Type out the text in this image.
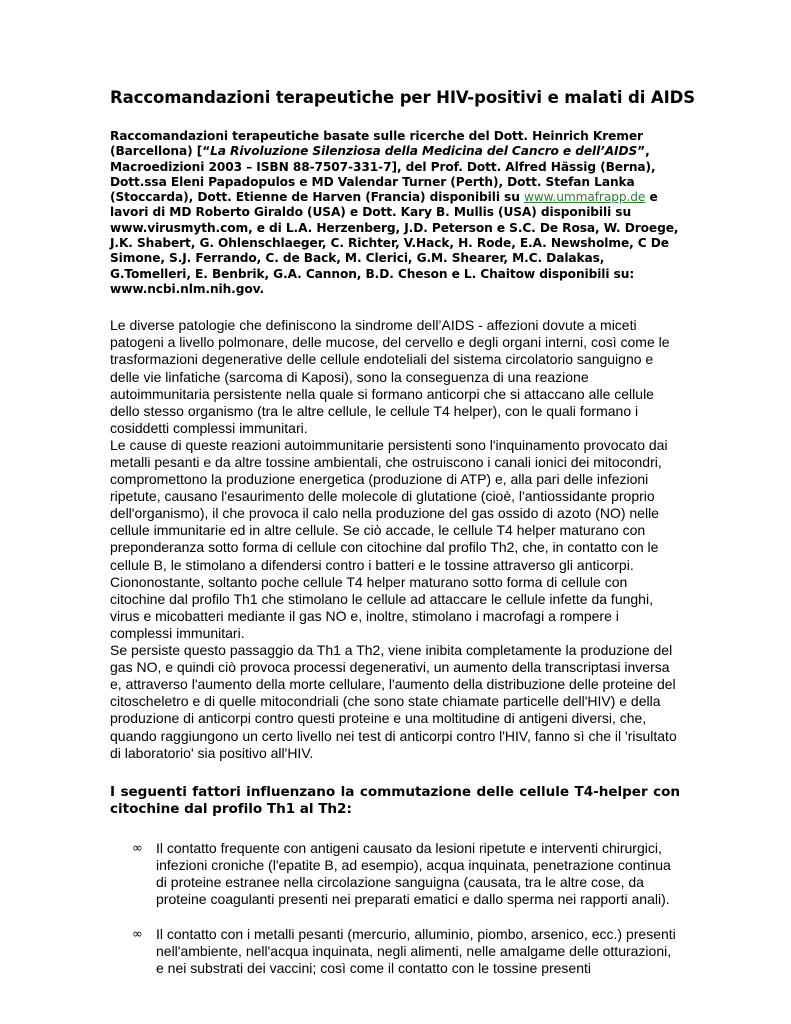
Raccomandazioni terapeutiche per HIV-positivi e malati di AIDS

Raccomandazioni terapeutiche basate sulle ricerche del Dott. Heinrich Kremer (Barcellona) [“La Rivoluzione Silenziosa della Medicina del Cancro e dell’AIDS”, Macroedizioni 2003 – ISBN 88-7507-331-7], del Prof. Dott. Alfred Hässig (Berna), Dott.ssa Eleni Papadopulos e MD Valendar Turner (Perth), Dott. Stefan Lanka (Stoccarda), Dott. Etienne de Harven (Francia) disponibili su www.ummafrapp.de e lavori di MD Roberto Giraldo (USA) e Dott. Kary B. Mullis (USA) disponibili su www.virusmyth.com, e di L.A. Herzenberg, J.D. Peterson e S.C. De Rosa, W. Droege, J.K. Shabert, G. Ohlenschlaeger, C. Richter, V.Hack, H. Rode, E.A. Newsholme, C De Simone, S.J. Ferrando, C. de Back, M. Clerici, G.M. Shearer, M.C. Dalakas, G.Tomelleri, E. Benbrik, G.A. Cannon, B.D. Cheson e L. Chaitow disponibili su: www.ncbi.nlm.nih.gov.

Le diverse patologie che definiscono la sindrome dell’AIDS - affezioni dovute a miceti patogeni a livello polmonare, delle mucose, del cervello e degli organi interni, così come le trasformazioni degenerative delle cellule endoteliali del sistema circolatorio sanguigno e delle vie linfatiche (sarcoma di Kaposi), sono la conseguenza di una reazione autoimmunitaria persistente nella quale si formano anticorpi che si attaccano alle cellule dello stesso organismo (tra le altre cellule, le cellule T4 helper), con le quali formano i cosiddetti complessi immunitari.

Le cause di queste reazioni autoimmunitarie persistenti sono l'inquinamento provocato dai metalli pesanti e da altre tossine ambientali, che ostruiscono i canali ionici dei mitocondri, compromettono la produzione energetica (produzione di ATP) e, alla pari delle infezioni ripetute, causano l'esaurimento delle molecole di glutatione (cioè, l'antiossidante proprio dell'organismo), il che provoca il calo nella produzione del gas ossido di azoto (NO) nelle cellule immunitarie ed in altre cellule. Se ciò accade, le cellule T4 helper maturano con preponderanza sotto forma di cellule con citochine dal profilo Th2, che, in contatto con le cellule B, le stimolano a difendersi contro i batteri e le tossine attraverso gli anticorpi. Ciononostante, soltanto poche cellule T4 helper maturano sotto forma di cellule con citochine dal profilo Th1 che stimolano le cellule ad attaccare le cellule infette da funghi, virus e micobatteri mediante il gas NO e, inoltre, stimolano i macrofagi a rompere i complessi immunitari.

Se persiste questo passaggio da Th1 a Th2, viene inibita completamente la produzione del gas NO, e quindi ciò provoca processi degenerativi, un aumento della transcriptasi inversa e, attraverso l'aumento della morte cellulare, l'aumento della distribuzione delle proteine del citoscheletro e di quelle mitocondriali (che sono state chiamate particelle dell'HIV) e della produzione di anticorpi contro questi proteine e una moltitudine di antigeni diversi, che, quando raggiungono un certo livello nei test di anticorpi contro l'HIV, fanno sì che il 'risultato di laboratorio' sia positivo all'HIV.

I seguenti fattori influenzano la commutazione delle cellule T4-helper con citochine dal profilo Th1 al Th2:
∞ Il contatto frequente con antigeni causato da lesioni ripetute e interventi chirurgici, infezioni croniche (l'epatite B, ad esempio), acqua inquinata, penetrazione continua di proteine estranee nella circolazione sanguigna (causata, tra le altre cose, da proteine coagulanti presenti nei preparati ematici e dallo sperma nei rapporti anali).
∞ Il contatto con i metalli pesanti (mercurio, alluminio, piombo, arsenico, ecc.) presenti nell'ambiente, nell'acqua inquinata, negli alimenti, nelle amalgame delle otturazioni, e nei substrati dei vaccini; così come il contatto con le tossine presenti
